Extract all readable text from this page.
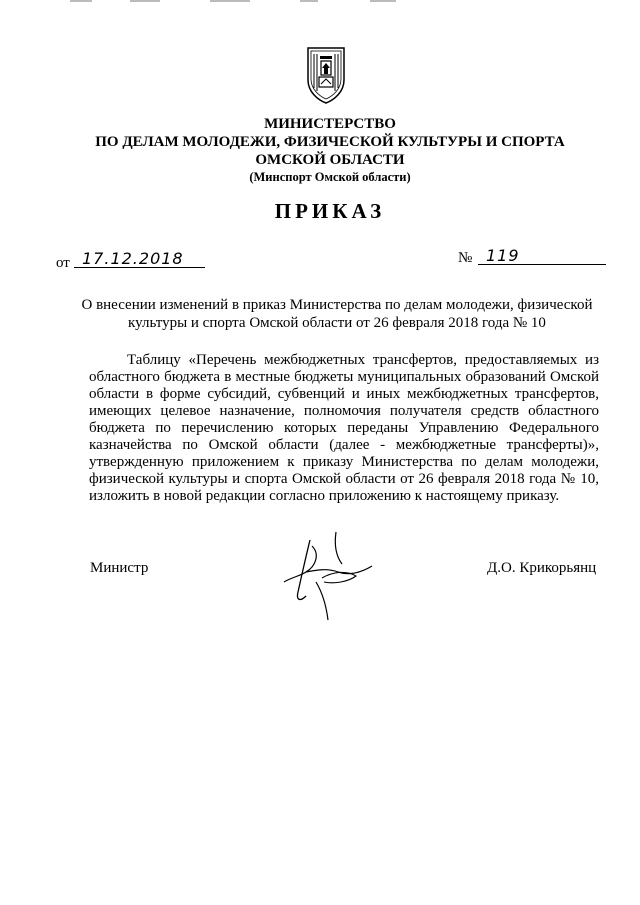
МИНИСТЕРСТВО
ПО ДЕЛАМ МОЛОДЕЖИ, ФИЗИЧЕСКОЙ КУЛЬТУРЫ И СПОРТА
ОМСКОЙ ОБЛАСТИ
(Минспорт Омской области)
ПРИКАЗ
от 17.12.2018	№ 119
О внесении изменений в приказ Министерства по делам молодежи, физической культуры и спорта Омской области от 26 февраля 2018 года № 10
Таблицу «Перечень межбюджетных трансфертов, предоставляемых из областного бюджета в местные бюджеты муниципальных образований Омской области в форме субсидий, субвенций и иных межбюджетных трансфертов, имеющих целевое назначение, полномочия получателя средств областного бюджета по перечислению которых переданы Управлению Федерального казначейства по Омской области (далее - межбюджетные трансферты)», утвержденную приложением к приказу Министерства по делам молодежи, физической культуры и спорта Омской области от 26 февраля 2018 года № 10, изложить в новой редакции согласно приложению к настоящему приказу.
Министр	Д.О. Крикорьянц
